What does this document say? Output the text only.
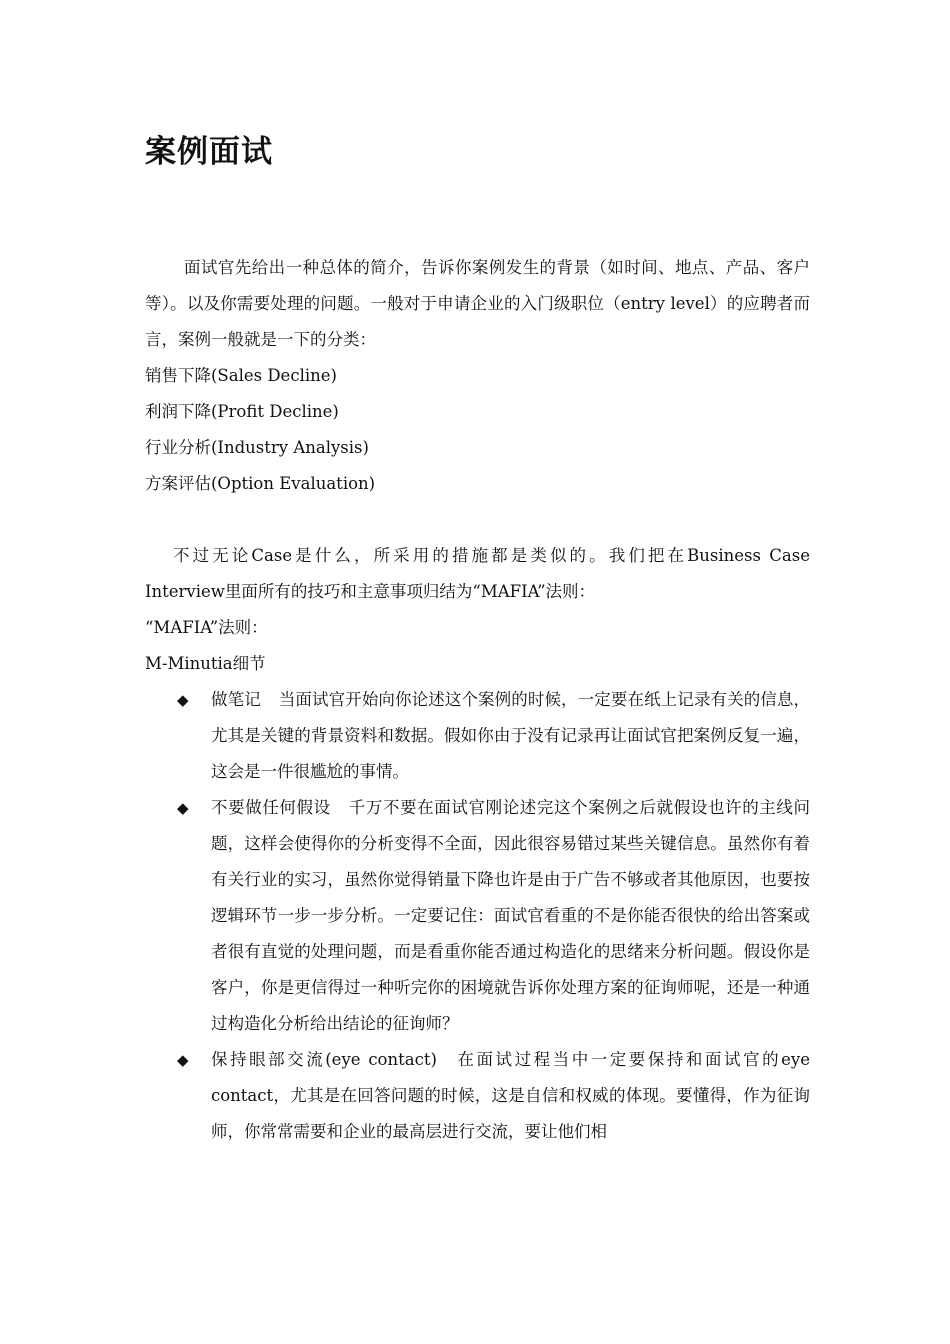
案例面试

面试官先给出一种总体的简介，告诉你案例发生的背景（如时间、地点、产品、客户等）。以及你需要处理的问题。一般对于申请企业的入门级职位（entry level）的应聘者而言，案例一般就是一下的分类：

销售下降(Sales Decline)

利润下降(Profit Decline)

行业分析(Industry Analysis)

方案评估(Option Evaluation)

不过无论Case是什么，所采用的措施都是类似的。我们把在Business Case Interview里面所有的技巧和主意事项归结为“MAFIA”法则：

“MAFIA”法则：

M-Minutia细节

◆ 做笔记 当面试官开始向你论述这个案例的时候，一定要在纸上记录有关的信息，尤其是关键的背景资料和数据。假如你由于没有记录再让面试官把案例反复一遍，这会是一件很尴尬的事情。
◆ 不要做任何假设 千万不要在面试官刚论述完这个案例之后就假设也许的主线问题，这样会使得你的分析变得不全面，因此很容易错过某些关键信息。虽然你有着有关行业的实习，虽然你觉得销量下降也许是由于广告不够或者其他原因，也要按逻辑环节一步一步分析。一定要记住：面试官看重的不是你能否很快的给出答案或者很有直觉的处理问题，而是看重你能否通过构造化的思绪来分析问题。假设你是客户，你是更信得过一种听完你的困境就告诉你处理方案的征询师呢，还是一种通过构造化分析给出结论的征询师？
◆ 保持眼部交流(eye contact) 在面试过程当中一定要保持和面试官的eye contact，尤其是在回答问题的时候，这是自信和权威的体现。要懂得，作为征询师，你常常需要和企业的最高层进行交流，要让他们相
